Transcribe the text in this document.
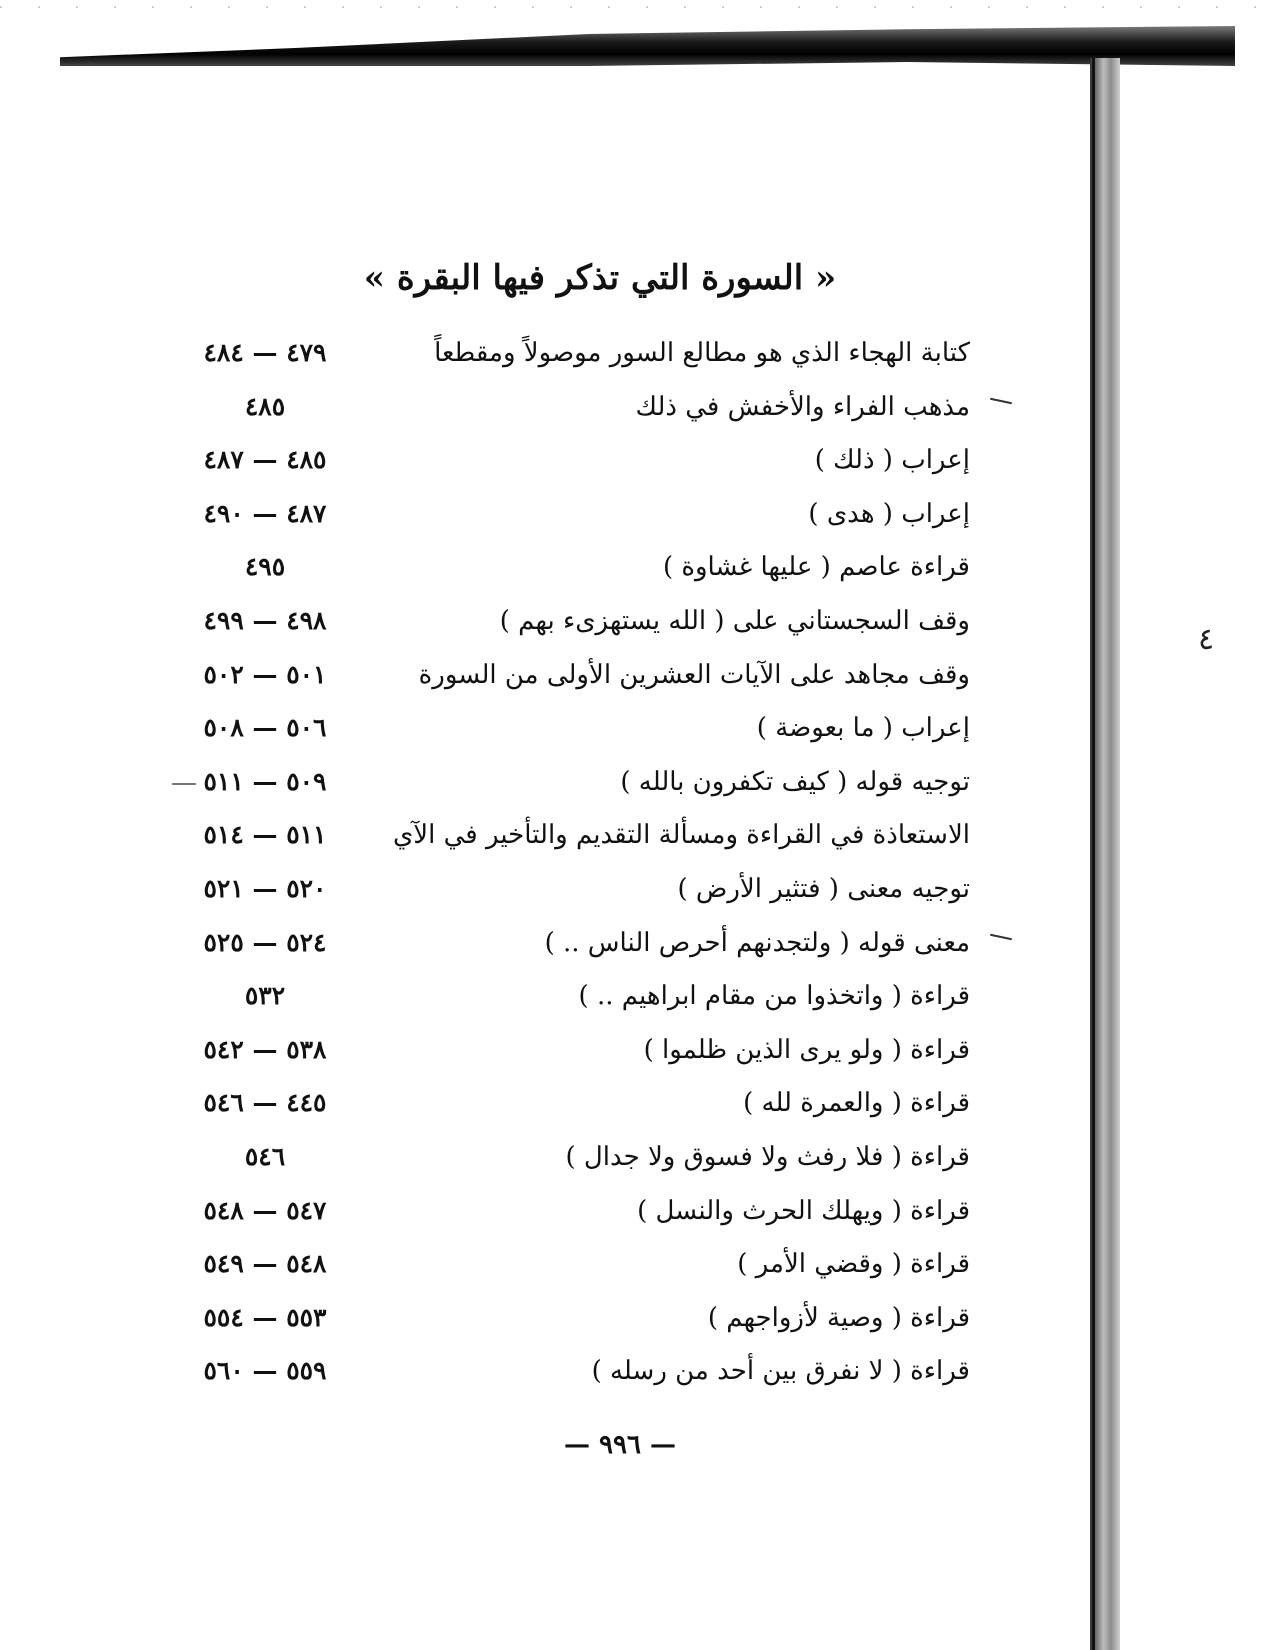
٤
« السورة التي تذكر فيها البقرة »
كتابة الهجاء الذي هو مطالع السور موصولاً ومقطعاً
٤٧٩ — ٤٨٤
مذهب الفراء والأخفش في ذلك
٤٨٥
إعراب ( ذلك )
٤٨٥ — ٤٨٧
إعراب ( هدى )
٤٨٧ — ٤٩٠
قراءة عاصم ( عليها غشاوة )
٤٩٥
وقف السجستاني على ( الله يستهزىء بهم )
٤٩٨ — ٤٩٩
وقف مجاهد على الآيات العشرين الأولى من السورة
٥٠١ — ٥٠٢
إعراب ( ما بعوضة )
٥٠٦ — ٥٠٨
توجيه قوله ( كيف تكفرون بالله )
٥٠٩ — ٥١١
الاستعاذة في القراءة ومسألة التقديم والتأخير في الآي
٥١١ — ٥١٤
توجيه معنى ( فتثير الأرض )
٥٢٠ — ٥٢١
معنى قوله ( ولتجدنهم أحرص الناس .. )
٥٢٤ — ٥٢٥
قراءة ( واتخذوا من مقام ابراهيم .. )
٥٣٢
قراءة ( ولو يرى الذين ظلموا )
٥٣٨ — ٥٤٢
قراءة ( والعمرة لله )
٤٤٥ — ٥٤٦
قراءة ( فلا رفث ولا فسوق ولا جدال )
٥٤٦
قراءة ( ويهلك الحرث والنسل )
٥٤٧ — ٥٤٨
قراءة ( وقضي الأمر )
٥٤٨ — ٥٤٩
قراءة ( وصية لأزواجهم )
٥٥٣ — ٥٥٤
قراءة ( لا نفرق بين أحد من رسله )
٥٥٩ — ٥٦٠
— ٩٩٦ —
